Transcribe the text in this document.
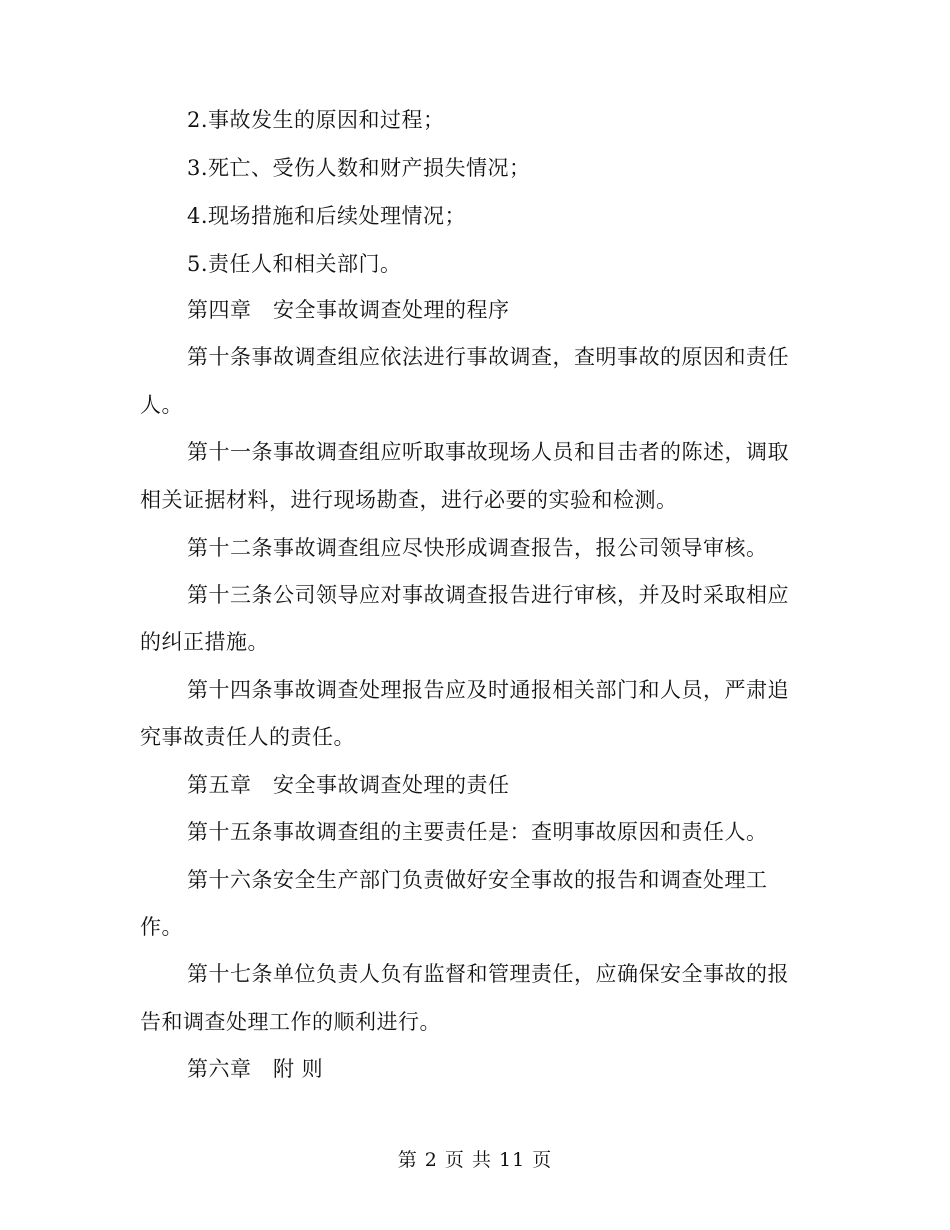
2.事故发生的原因和过程；
3.死亡、受伤人数和财产损失情况；
4.现场措施和后续处理情况；
5.责任人和相关部门。
第四章　安全事故调查处理的程序
第十条事故调查组应依法进行事故调查，查明事故的原因和责任
人。
第十一条事故调查组应听取事故现场人员和目击者的陈述，调取
相关证据材料，进行现场勘查，进行必要的实验和检测。
第十二条事故调查组应尽快形成调查报告，报公司领导审核。
第十三条公司领导应对事故调查报告进行审核，并及时采取相应
的纠正措施。
第十四条事故调查处理报告应及时通报相关部门和人员，严肃追
究事故责任人的责任。
第五章　安全事故调查处理的责任
第十五条事故调查组的主要责任是：查明事故原因和责任人。
第十六条安全生产部门负责做好安全事故的报告和调查处理工
作。
第十七条单位负责人负有监督和管理责任，应确保安全事故的报
告和调查处理工作的顺利进行。
第六章　附 则
第 2 页 共 11 页
